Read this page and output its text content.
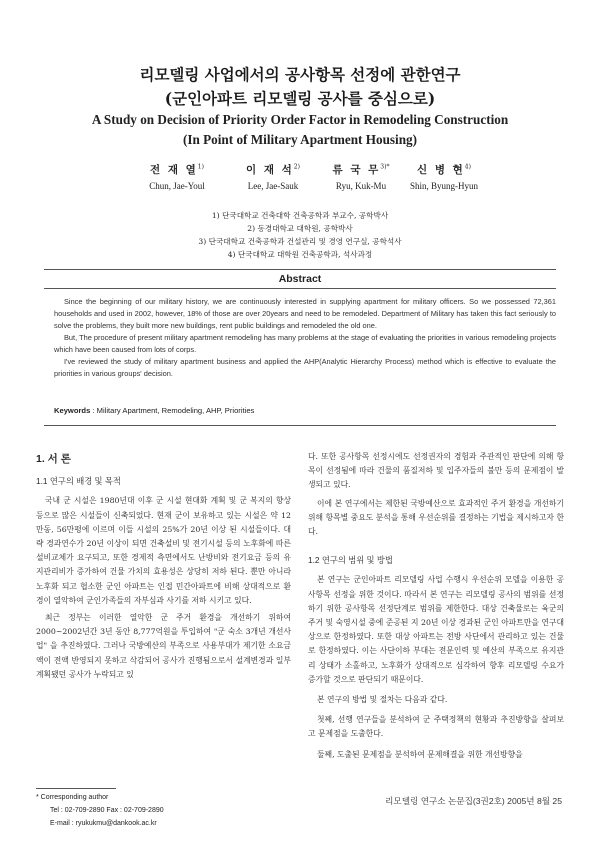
리모델링 사업에서의 공사항목 선정에 관한연구
(군인아파트 리모델링 공사를 중심으로)
A Study on Decision of Priority Order Factor in Remodeling Construction
(In Point of Military Apartment Housing)
전 재 열$^{1)}$
Chun, Jae-Youl
이 재 석$^{2)}$
Lee, Jae-Sauk
류 국 무$^{3)*}$
Ryu, Kuk-Mu
신 병 현$^{4)}$
Shin, Byung-Hyun
1) 단국대학교 건축대학 건축공학과 부교수, 공학박사
2) 동경대학교 대학원, 공학박사
3) 단국대학교 건축공학과 건설관리 및 경영 연구실, 공학석사
4) 단국대학교 대학원 건축공학과, 석사과정
Abstract

Since the beginning of our military history, we are continuously interested in supplying apartment for military officers. So we possessed 72,361 households and used in 2002, however, 18% of those are over 20years and need to be remodeled. Department of Military has taken this fact seriously to solve the problems, they built more new buildings, rent public buildings and remodeled the old one.

But, The procedure of present military apartment remodeling has many problems at the stage of evaluating the priorities in various remodeling projects which have been caused from lots of corps.

I've reviewed the study of military apartment business and applied the AHP(Analytic Hierarchy Process) method which is effective to evaluate the priorities in various groups' decision.

Keywords : Military Apartment, Remodeling, AHP, Priorities
1. 서 론
1.1 연구의 배경 및 목적

국내 군 시설은 1980년대 이후 군 시설 현대화 계획 및 군 복지의 향상 등으로 많은 시설들이 신축되었다. 현재 군이 보유하고 있는 시설은 약 12만동, 56만평에 이르며 이들 시설의 25%가 20년 이상 된 시설들이다. 대략 경과연수가 20년 이상이 되면 건축설비 및 전기시설 등의 노후화에 따른 설비교체가 요구되고, 또한 경제적 측면에서도 난방비와 전기요금 등의 유지관리비가 증가하여 건물 가치의 효용성은 상당히 저하 된다. 뿐만 아니라 노후화 되고 협소한 군인 아파트는 인접 민간아파트에 비해 상대적으로 환경이 열악하여 군인가족들의 자부심과 사기를 저하 시키고 있다.

최근 정부는 이러한 열악한 군 주거 환경을 개선하기 위하여 2000~2002년간 3년 동안 8,777억원을 투입하여 "군 숙소 3개년 개선사업" 을 추진하였다. 그러나 국방예산의 부족으로 사용부대가 제기한 소요금액이 전액 반영되지 못하고 삭감되어 공사가 진행됨으로서 설계변경과 일부 계획됐던 공사가 누락되고 있

* Corresponding author
Tel : 02-709-2890 Fax : 02-709-2890
E-mail : ryukukmu@dankook.ac.kr

다. 또한 공사항목 선정시에도 선정권자의 경험과 주관적인 판단에 의해 항목이 선정됨에 따라 건물의 품질저하 및 입주자들의 불만 등의 문제점이 발생되고 있다.

이에 본 연구에서는 제한된 국방예산으로 효과적인 주거 환경을 개선하기 위해 항목별 중요도 분석을 통해 우선순위를 결정하는 기법을 제시하고자 한다.

1.2 연구의 범위 및 방법

본 연구는 군인아파트 리모델링 사업 수행시 우선순위 모델을 이용한 공사항목 선정을 위한 것이다. 따라서 본 연구는 리모델링 공사의 범위를 선정하기 위한 공사항목 선정단계로 범위를 제한한다. 대상 건축물로는 육군의 주거 및 숙영시설 중에 준공된 지 20년 이상 경과된 군인 아파트만을 연구대상으로 한정하였다. 또한 대상 아파트는 전방 사단에서 관리하고 있는 건물로 한정하였다. 이는 사단이하 부대는 전문인력 및 예산의 부족으로 유지관리 상태가 소홀하고, 노후화가 상대적으로 심각하여 향후 리모델링 수요가 증가할 것으로 판단되기 때문이다.

본 연구의 방법 및 절차는 다음과 같다.

첫째, 선행 연구들을 분석하여 군 주택정책의 현황과 추진방향을 살펴보고 문제점을 도출한다.

둘째, 도출된 문제점을 분석하여 문제해결을 위한 개선방향을

리모델링 연구소 논문집(3권2호) 2005년 8월 25
